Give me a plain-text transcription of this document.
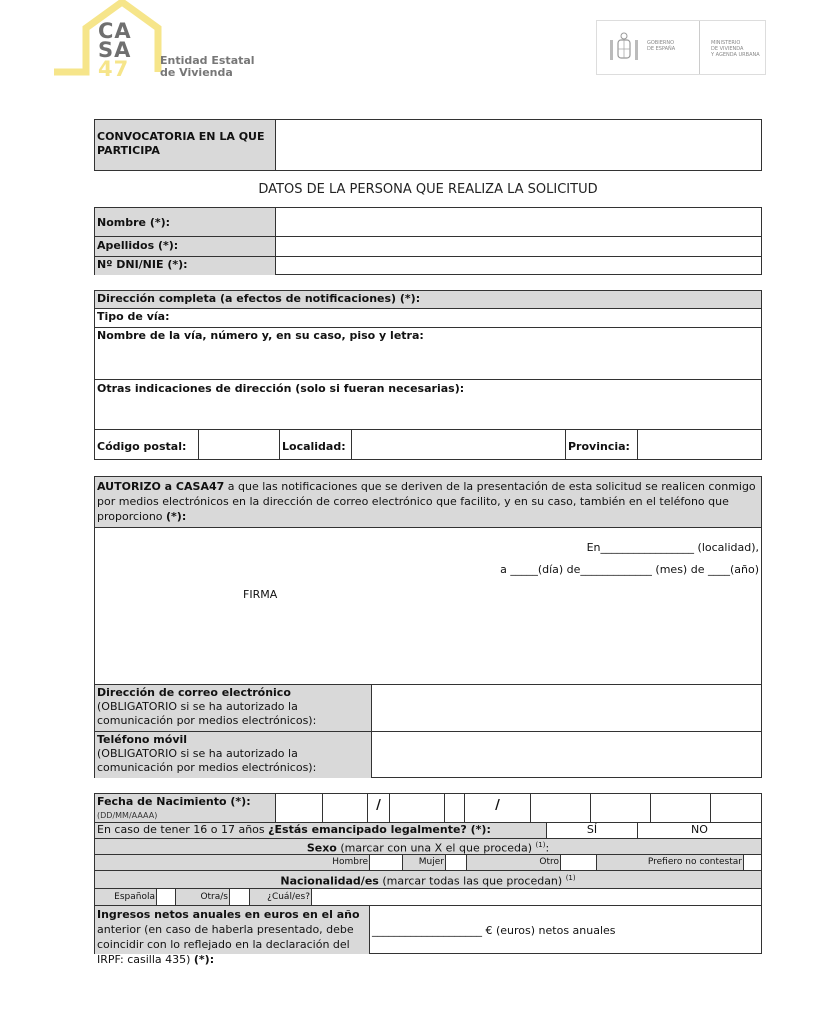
CA
SA
47	Entidad Estatal
de Vivienda
GOBIERNO
DE ESPAÑA
MINISTERIO
DE VIVIENDA
Y AGENDA URBANA
CONVOCATORIA EN LA QUE PARTICIPA
DATOS DE LA PERSONA QUE REALIZA LA SOLICITUD
Nombre (*):
Apellidos (*):
Nº DNI/NIE (*):
Dirección completa (a efectos de notificaciones) (*):
Tipo de vía:
Nombre de la vía, número y, en su caso, piso y letra:
Otras indicaciones de dirección (solo si fueran necesarias):
Código postal:	Localidad:	Provincia:
AUTORIZO a CASA47 a que las notificaciones que se deriven de la presentación de esta solicitud se realicen conmigo por medios electrónicos en la dirección de correo electrónico que facilito, y en su caso, también en el teléfono que proporciono (*):
En_________________ (localidad),
a _____(día) de_____________ (mes) de ____(año)
FIRMA
Dirección de correo electrónico (OBLIGATORIO si se ha autorizado la comunicación por medios electrónicos):
Teléfono móvil
(OBLIGATORIO si se ha autorizado la comunicación por medios electrónicos):
Fecha de Nacimiento (*):
(DD/MM/AAAA)
/	/
En caso de tener 16 o 17 años ¿Estás emancipado legalmente? (*):	SÍ	NO
Sexo (marcar con una X el que proceda) $^{(1)}$:
Hombre	Mujer	Otro	Prefiero no contestar
Nacionalidad/es (marcar todas las que procedan) $^{(1)}$
Española	Otra/s	¿Cuál/es?
Ingresos netos anuales en euros en el año anterior (en caso de haberla presentado, debe coincidir con lo reflejado en la declaración del IRPF: casilla 435) (*):
____________________ € (euros) netos anuales
